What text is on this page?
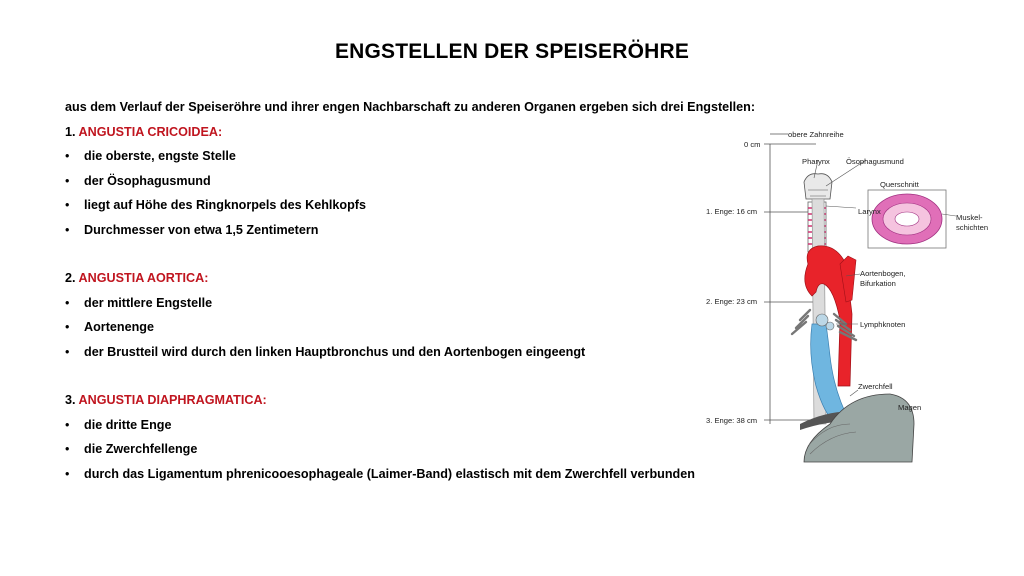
ENGSTELLEN DER SPEISERÖHRE
aus dem Verlauf der Speiseröhre und ihrer engen Nachbarschaft zu anderen Organen ergeben sich drei Engstellen:
1. ANGUSTIA CRICOIDEA:
• die oberste, engste Stelle
• der Ösophagusmund
• liegt auf Höhe des Ringknorpels des Kehlkopfs
• Durchmesser von etwa 1,5 Zentimetern
2. ANGUSTIA AORTICA:
• der mittlere Engstelle
• Aortenenge
• der Brustteil wird durch den linken Hauptbronchus und den Aortenbogen eingeengt
3. ANGUSTIA DIAPHRAGMATICA:
• die dritte Enge
• die Zwerchfellenge
• durch das Ligamentum phrenicooesophageale (Laimer-Band) elastisch mit dem Zwerchfell verbunden
obere Zahnreihe
0 cm
Pharynx Ösophagusmund
Querschnitt
Larynx
Muskel-
schichten
1. Enge: 16 cm
Aortenbogen,
Bifurkation
2. Enge: 23 cm
Lymphknoten
Zwerchfell
Magen
3. Enge: 38 cm
